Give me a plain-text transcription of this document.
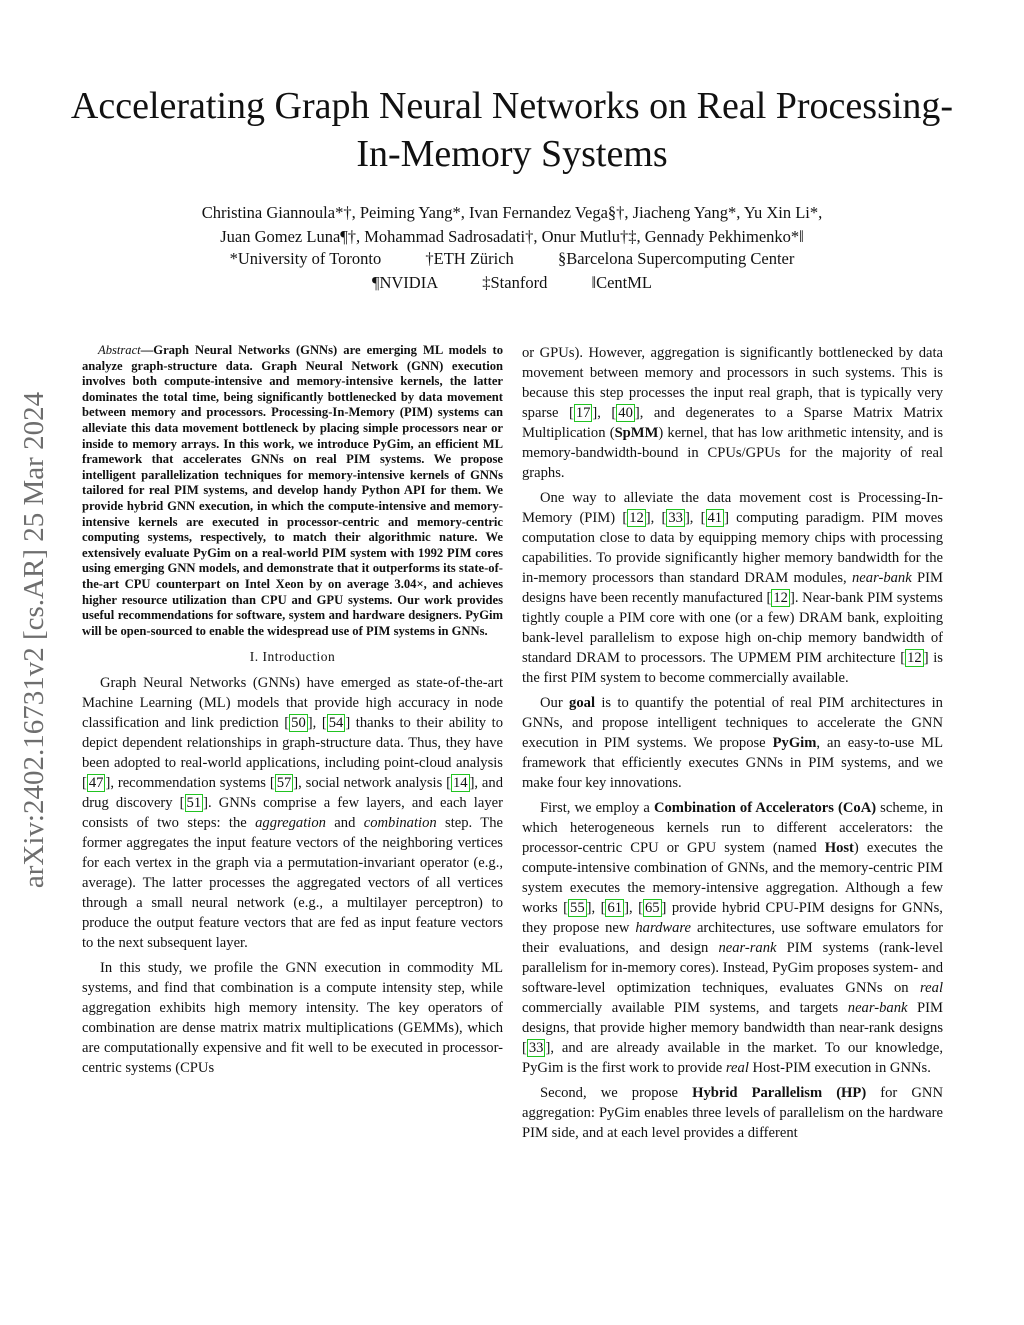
Accelerating Graph Neural Networks on Real Processing-In-Memory Systems
Christina Giannoula*†, Peiming Yang*, Ivan Fernandez Vega§†, Jiacheng Yang*, Yu Xin Li*,
Juan Gomez Luna¶†, Mohammad Sadrosadati†, Onur Mutlu†‡, Gennady Pekhimenko*‖
*University of Toronto	†ETH Zürich	§Barcelona Supercomputing Center
¶NVIDIA	‡Stanford	‖CentML
arXiv:2402.16731v2 [cs.AR] 25 Mar 2024

Abstract—Graph Neural Networks (GNNs) are emerging ML models to analyze graph-structure data. Graph Neural Network (GNN) execution involves both compute-intensive and memory-intensive kernels, the latter dominates the total time, being significantly bottlenecked by data movement between memory and processors. Processing-In-Memory (PIM) systems can alleviate this data movement bottleneck by placing simple processors near or inside to memory arrays. In this work, we introduce PyGim, an efficient ML framework that accelerates GNNs on real PIM systems. We propose intelligent parallelization techniques for memory-intensive kernels of GNNs tailored for real PIM systems, and develop handy Python API for them. We provide hybrid GNN execution, in which the compute-intensive and memory-intensive kernels are executed in processor-centric and memory-centric computing systems, respectively, to match their algorithmic nature. We extensively evaluate PyGim on a real-world PIM system with 1992 PIM cores using emerging GNN models, and demonstrate that it outperforms its state-of-the-art CPU counterpart on Intel Xeon by on average 3.04×, and achieves higher resource utilization than CPU and GPU systems. Our work provides useful recommendations for software, system and hardware designers. PyGim will be open-sourced to enable the widespread use of PIM systems in GNNs.

I. Introduction

Graph Neural Networks (GNNs) have emerged as state-of-the-art Machine Learning (ML) models that provide high accuracy in node classification and link prediction [ 50 ], [ 54 ] thanks to their ability to depict dependent relationships in graph-structure data. Thus, they have been adopted to real-world applications, including point-cloud analysis [ 47 ], recommendation systems [ 57 ], social network analysis [ 14 ], and drug discovery [ 51 ]. GNNs comprise a few layers, and each layer consists of two steps: the aggregation and combination step. The former aggregates the input feature vectors of the neighboring vertices for each vertex in the graph via a permutation-invariant operator (e.g., average). The latter processes the aggregated vectors of all vertices through a small neural network (e.g., a multilayer perceptron) to produce the output feature vectors that are fed as input feature vectors to the next subsequent layer.

In this study, we profile the GNN execution in commodity ML systems, and find that combination is a compute intensity step, while aggregation exhibits high memory intensity. The key operators of combination are dense matrix matrix multiplications (GEMMs), which are computationally expensive and fit well to be executed in processor-centric systems (CPUs

or GPUs). However, aggregation is significantly bottlenecked by data movement between memory and processors in such systems. This is because this step processes the input real graph, that is typically very sparse [ 17 ], [ 40 ], and degenerates to a Sparse Matrix Matrix Multiplication (SpMM) kernel, that has low arithmetic intensity, and is memory-bandwidth-bound in CPUs/GPUs for the majority of real graphs.

One way to alleviate the data movement cost is Processing-In-Memory (PIM) [ 12 ], [ 33 ], [ 41 ] computing paradigm. PIM moves computation close to data by equipping memory chips with processing capabilities. To provide significantly higher memory bandwidth for the in-memory processors than standard DRAM modules, near-bank PIM designs have been recently manufactured [ 12 ]. Near-bank PIM systems tightly couple a PIM core with one (or a few) DRAM bank, exploiting bank-level parallelism to expose high on-chip memory bandwidth of standard DRAM to processors. The UPMEM PIM architecture [ 12 ] is the first PIM system to become commercially available.

Our goal is to quantify the potential of real PIM architectures in GNNs, and propose intelligent techniques to accelerate the GNN execution in PIM systems. We propose PyGim, an easy-to-use ML framework that efficiently executes GNNs in PIM systems, and we make four key innovations.

First, we employ a Combination of Accelerators (CoA) scheme, in which heterogeneous kernels run to different accelerators: the processor-centric CPU or GPU system (named Host) executes the compute-intensive combination of GNNs, and the memory-centric PIM system executes the memory-intensive aggregation. Although a few works [ 55 ], [ 61 ], [ 65 ] provide hybrid CPU-PIM designs for GNNs, they propose new hardware architectures, use software emulators for their evaluations, and design near-rank PIM systems (rank-level parallelism for in-memory cores). Instead, PyGim proposes system- and software-level optimization techniques, evaluates GNNs on real commercially available PIM systems, and targets near-bank PIM designs, that provide higher memory bandwidth than near-rank designs [ 33 ], and are already available in the market. To our knowledge, PyGim is the first work to provide real Host-PIM execution in GNNs.

Second, we propose Hybrid Parallelism (HP) for GNN aggregation: PyGim enables three levels of parallelism on the hardware PIM side, and at each level provides a different
